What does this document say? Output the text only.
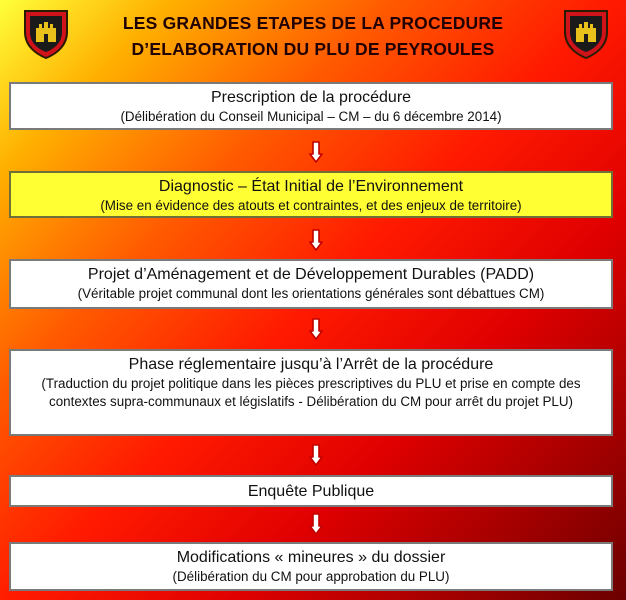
LES GRANDES ETAPES DE LA PROCEDURE
D’ELABORATION DU PLU DE PEYROULES
Prescription de la procédure
(Délibération du Conseil Municipal – CM – du 6 décembre 2014)
Diagnostic – État Initial de l’Environnement
(Mise en évidence des atouts et contraintes, et des enjeux de territoire)
Projet d’Aménagement et de Développement Durables (PADD)
(Véritable projet communal dont les orientations générales sont débattues CM)
Phase réglementaire jusqu’à l’Arrêt de la procédure
(Traduction du projet politique dans les pièces prescriptives du PLU et prise en compte des contextes supra-communaux et législatifs - Délibération du CM pour arrêt du projet PLU)
Enquête Publique
Modifications « mineures » du dossier
(Délibération du CM pour approbation du PLU)
